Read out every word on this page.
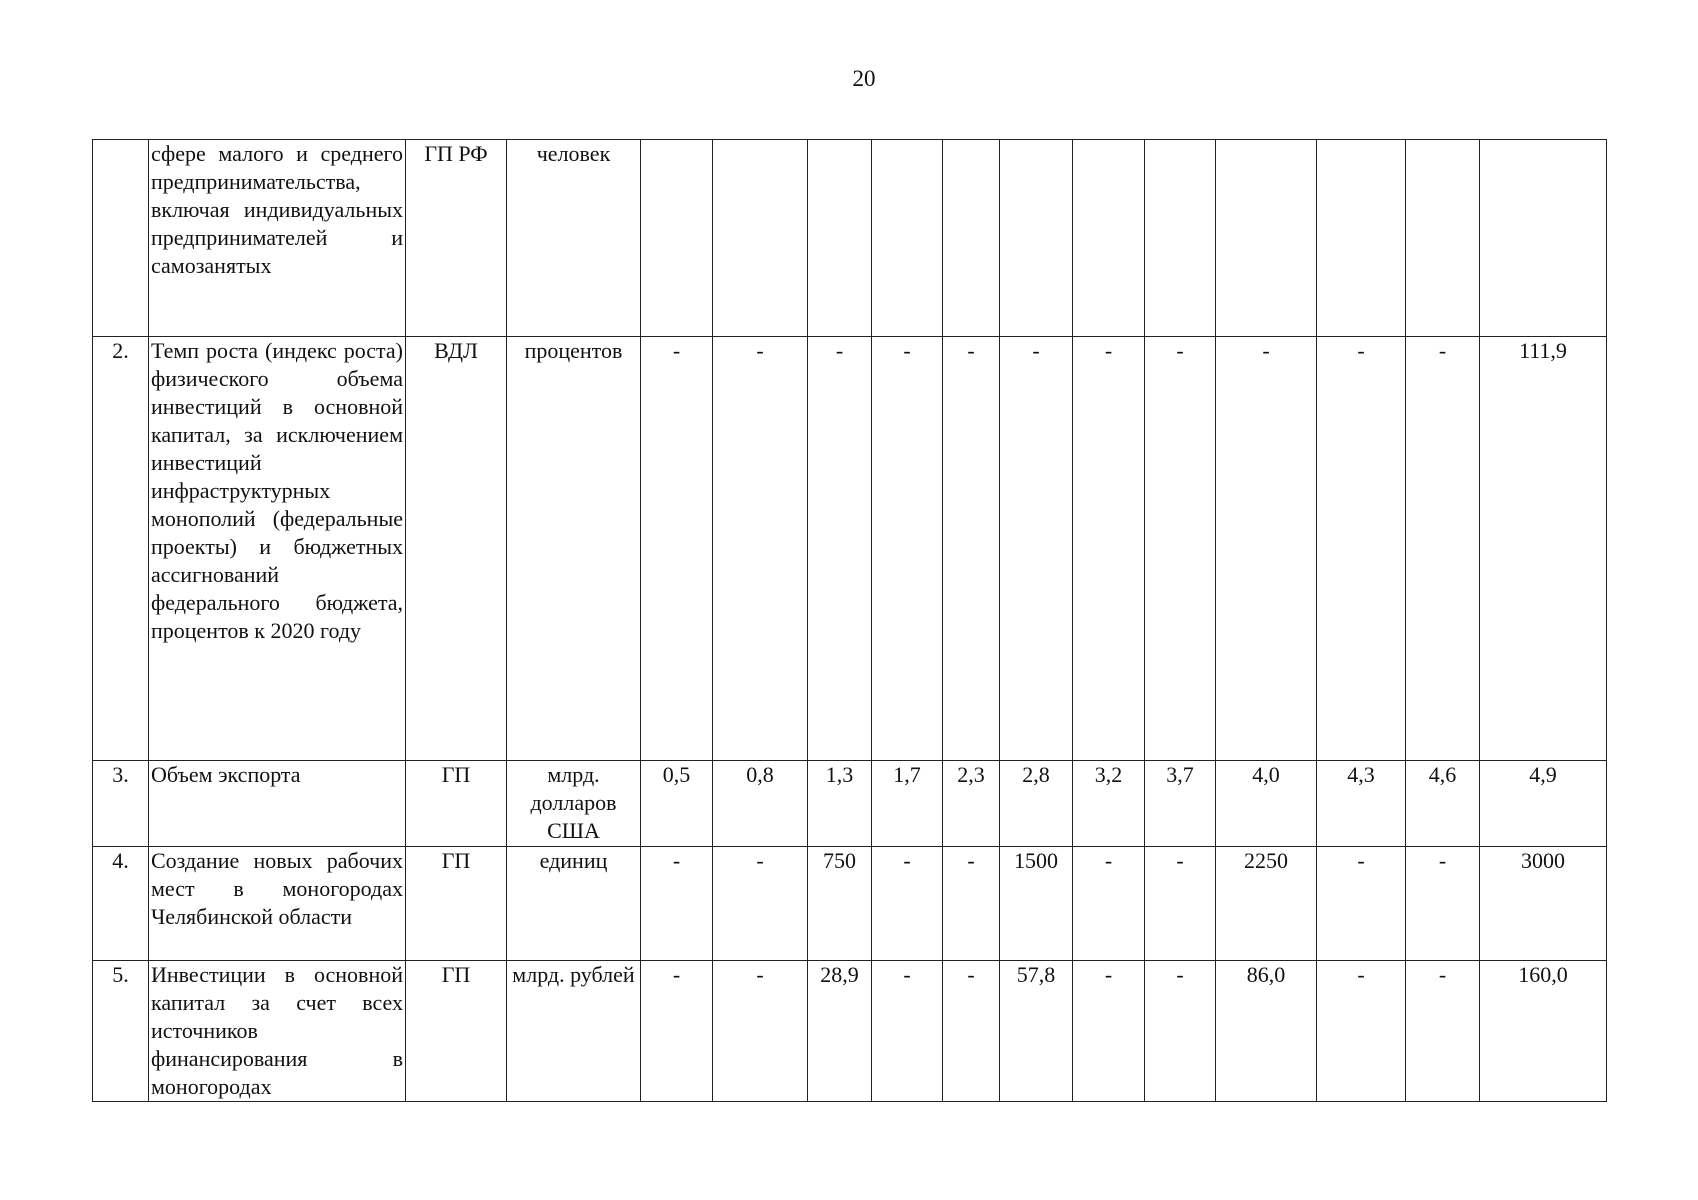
20
	сфере малого и среднего предпринимательства, включая индивидуальных предпринимателей и самозанятых	ГП РФ	человек												
2.	Темп роста (индекс роста) физического объема инвестиций в основной капитал, за исключением инвестиций инфраструктурных монополий (федеральные проекты) и бюджетных ассигнований федерального бюджета, процентов к 2020 году	ВДЛ	процентов	-	-	-	-	-	-	-	-	-	-	-	111,9
3.	Объем экспорта	ГП	млрд. долларов США	0,5	0,8	1,3	1,7	2,3	2,8	3,2	3,7	4,0	4,3	4,6	4,9
4.	Создание новых рабочих мест в моногородах Челябинской области	ГП	единиц	-	-	750	-	-	1500	-	-	2250	-	-	3000
5.	Инвестиции в основной капитал за счет всех источников финансирования в моногородах	ГП	млрд. рублей	-	-	28,9	-	-	57,8	-	-	86,0	-	-	160,0
